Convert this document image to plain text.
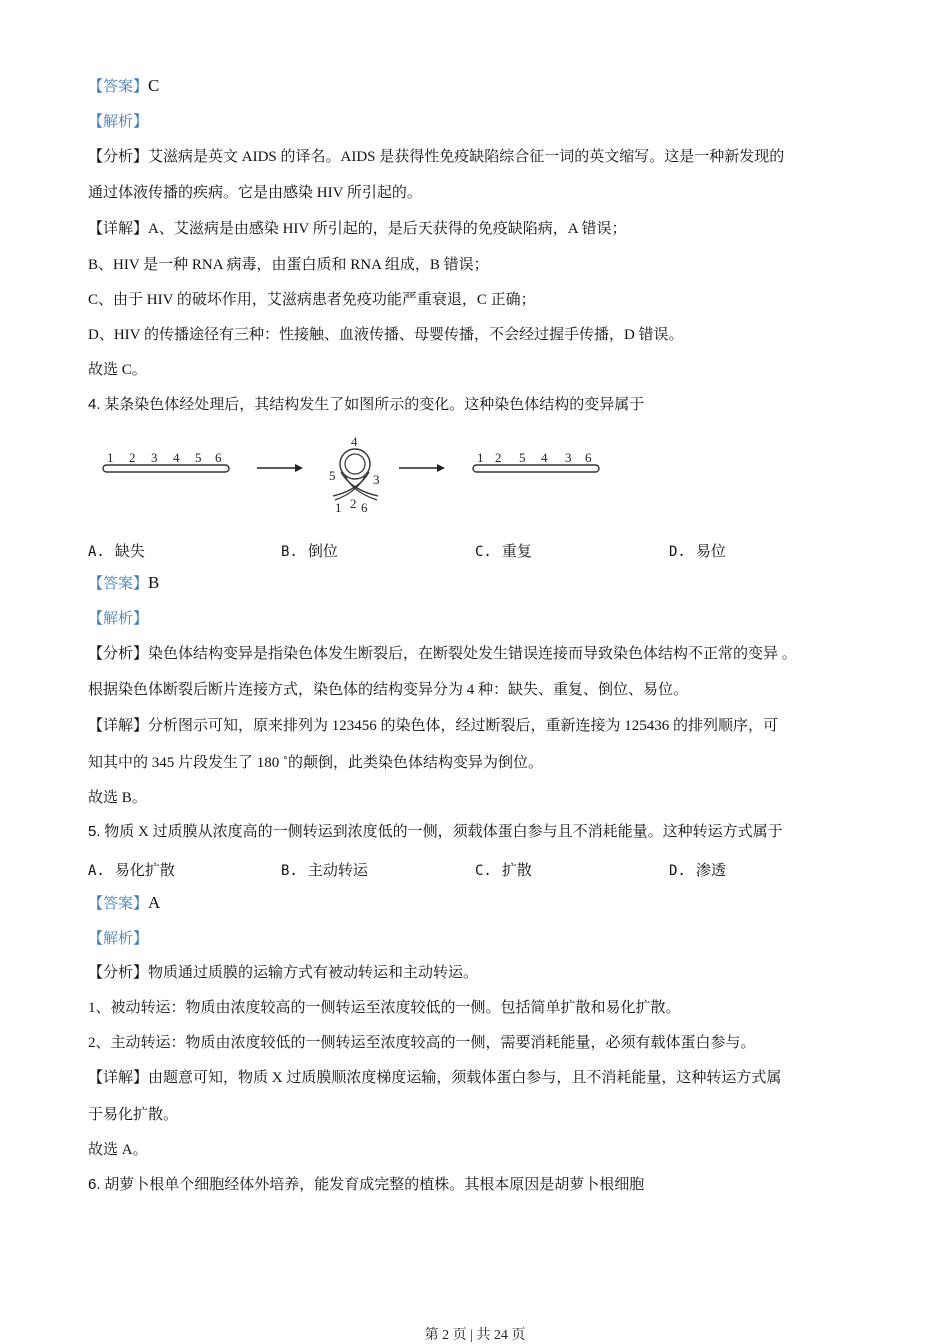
【答案】C
【解析】
【分析】艾滋病是英文 AIDS 的译名。AIDS 是获得性免疫缺陷综合征一词的英文缩写。这是一种新发现的
通过体液传播的疾病。它是由感染 HIV 所引起的。
【详解】A、艾滋病是由感染 HIV 所引起的，是后天获得的免疫缺陷病，A 错误；
B、HIV 是一种 RNA 病毒，由蛋白质和 RNA 组成，B 错误；
C、由于 HIV 的破坏作用，艾滋病患者免疫功能严重衰退，C 正确；
D、HIV 的传播途径有三种：性接触、血液传播、母婴传播，不会经过握手传播，D 错误。
故选 C。
4. 某条染色体经处理后，其结构发生了如图所示的变化。这种染色体结构的变异属于
1 2 3 4 5 6
4
5	3
1 2 6
1 2 5 4 3 6
A. 缺失	B. 倒位	C. 重复	D. 易位
【答案】B
【解析】
【分析】染色体结构变异是指染色体发生断裂后，在断裂处发生错误连接而导致染色体结构不正常的变异 。
根据染色体断裂后断片连接方式，染色体的结构变异分为 4 种：缺失、重复、倒位、易位。
【详解】分析图示可知，原来排列为 123456 的染色体，经过断裂后，重新连接为 125436 的排列顺序，可
知其中的 345 片段发生了 180 ˚的颠倒，此类染色体结构变异为倒位。
故选 B。
5. 物质 X 过质膜从浓度高的一侧转运到浓度低的一侧，须载体蛋白参与且不消耗能量。这种转运方式属于
A. 易化扩散	B. 主动转运	C. 扩散	D. 渗透
【答案】A
【解析】
【分析】物质通过质膜的运输方式有被动转运和主动转运。
1、被动转运：物质由浓度较高的一侧转运至浓度较低的一侧。包括简单扩散和易化扩散。
2、主动转运：物质由浓度较低的一侧转运至浓度较高的一侧，需要消耗能量，必须有载体蛋白参与。
【详解】由题意可知，物质 X 过质膜顺浓度梯度运输，须载体蛋白参与，且不消耗能量，这种转运方式属
于易化扩散。
故选 A。
6. 胡萝卜根单个细胞经体外培养，能发育成完整的植株。其根本原因是胡萝卜根细胞
第 2 页 | 共 24 页
